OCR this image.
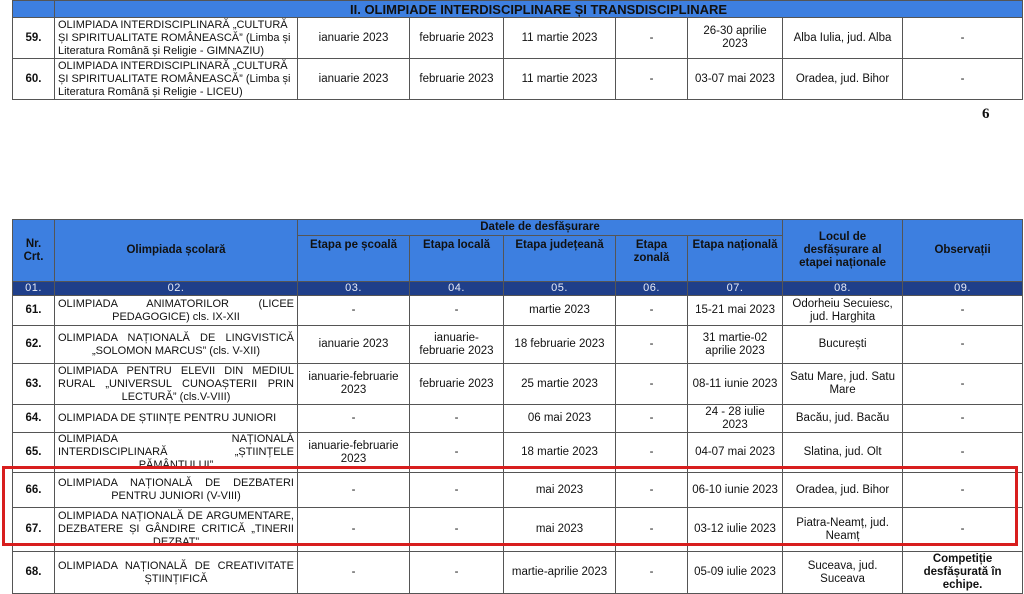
	II. OLIMPIADE INTERDISCIPLINARE ȘI TRANSDISCIPLINARE							
59.	OLIMPIADA INTERDISCIPLINARĂ „CULTURĂ ȘI SPIRITUALITATE ROMÂNEASCĂ” (Limba și Literatura Română și Religie - GIMNAZIU)	ianuarie 2023	februarie 2023	11 martie 2023	-	26-30 aprilie 2023	Alba Iulia, jud. Alba	-
60.	OLIMPIADA INTERDISCIPLINARĂ „CULTURĂ ȘI SPIRITUALITATE ROMÂNEASCĂ” (Limba și Literatura Română și Religie - LICEU)	ianuarie 2023	februarie 2023	11 martie 2023	-	03-07 mai 2023	Oradea, jud. Bihor	-
6
Nr. Crt.	Olimpiada școlară	Datele de desfășurare					Locul de desfășurare al etapei naționale	Observații
		Etapa pe școală	Etapa locală	Etapa județeană	Etapa zonală	Etapa națională		
01.	02.	03.	04.	05.	06.	07.	08.	09.
61.	OLIMPIADA ANIMATORILOR (LICEE PEDAGOGICE) cls. IX-XII	-	-	martie 2023	-	15-21 mai 2023	Odorheiu Secuiesc, jud. Harghita	-
62.	OLIMPIADA NAȚIONALĂ DE LINGVISTICĂ „SOLOMON MARCUS” (cls. V-XII)	ianuarie 2023	ianuarie-februarie 2023	18 februarie 2023	-	31 martie-02 aprilie 2023	București	-
63.	OLIMPIADA PENTRU ELEVII DIN MEDIUL RURAL „UNIVERSUL CUNOAȘTERII PRIN LECTURĂ” (cls.V-VIII)	ianuarie-februarie 2023	februarie 2023	25 martie 2023	-	08-11 iunie 2023	Satu Mare, jud. Satu Mare	-
64.	OLIMPIADA DE ȘTIINȚE PENTRU JUNIORI	-	-	06 mai 2023	-	24 - 28 iulie 2023	Bacău, jud. Bacău	-
65.	OLIMPIADA NAȚIONALĂ INTERDISCIPLINARĂ „ȘTIINȚELE PĂMÂNTULUI”	ianuarie-februarie 2023	-	18 martie 2023	-	04-07 mai 2023	Slatina, jud. Olt	-
66.	OLIMPIADA NAȚIONALĂ DE DEZBATERI PENTRU JUNIORI (V-VIII)	-	-	mai 2023	-	06-10 iunie 2023	Oradea, jud. Bihor	-
67.	OLIMPIADA NAȚIONALĂ DE ARGUMENTARE, DEZBATERE ȘI GÂNDIRE CRITICĂ „TINERII DEZBAT”	-	-	mai 2023	-	03-12 iulie 2023	Piatra-Neamț, jud. Neamț	-
68.	OLIMPIADA NAȚIONALĂ DE CREATIVITATE ȘTIINȚIFICĂ	-	-	martie-aprilie 2023	-	05-09 iulie 2023	Suceava, jud. Suceava	Competiție desfășurată în echipe.
